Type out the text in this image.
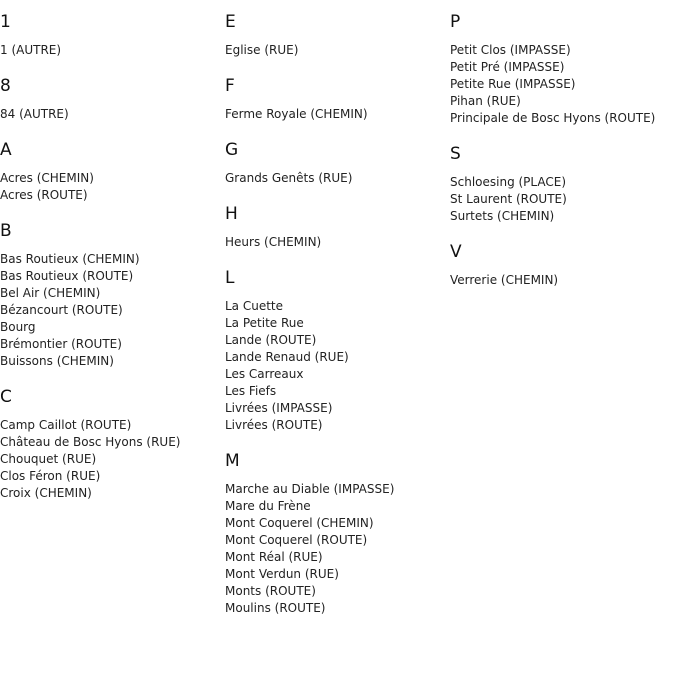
1
1 (AUTRE)
8
84 (AUTRE)
A
Acres (CHEMIN)
Acres (ROUTE)
B
Bas Routieux (CHEMIN)
Bas Routieux (ROUTE)
Bel Air (CHEMIN)
Bézancourt (ROUTE)
Bourg
Brémontier (ROUTE)
Buissons (CHEMIN)
C
Camp Caillot (ROUTE)
Château de Bosc Hyons (RUE)
Chouquet (RUE)
Clos Féron (RUE)
Croix (CHEMIN)
E
Eglise (RUE)
F
Ferme Royale (CHEMIN)
G
Grands Genêts (RUE)
H
Heurs (CHEMIN)
L
La Cuette
La Petite Rue
Lande (ROUTE)
Lande Renaud (RUE)
Les Carreaux
Les Fiefs
Livrées (IMPASSE)
Livrées (ROUTE)
M
Marche au Diable (IMPASSE)
Mare du Frène
Mont Coquerel (CHEMIN)
Mont Coquerel (ROUTE)
Mont Réal (RUE)
Mont Verdun (RUE)
Monts (ROUTE)
Moulins (ROUTE)
P
Petit Clos (IMPASSE)
Petit Pré (IMPASSE)
Petite Rue (IMPASSE)
Pihan (RUE)
Principale de Bosc Hyons (ROUTE)
S
Schloesing (PLACE)
St Laurent (ROUTE)
Surtets (CHEMIN)
V
Verrerie (CHEMIN)
